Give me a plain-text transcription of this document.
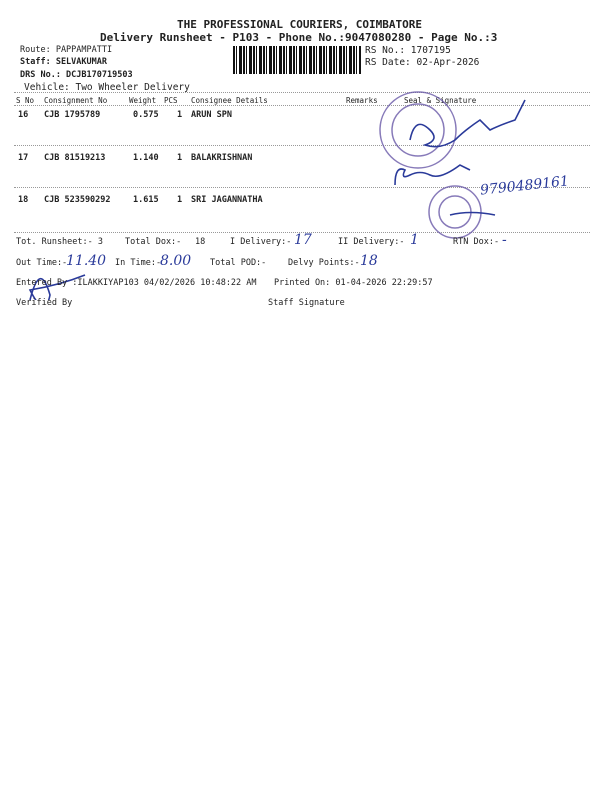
THE PROFESSIONAL COURIERS, COIMBATORE
Delivery Runsheet - P103 - Phone No.:9047080280 - Page No.:3
Route: PAPPAMPATTI
Staff: SELVAKUMAR
DRS No.: DCJB170719503
Vehicle: Two Wheeler Delivery
RS No.: 1707195
RS Date: 02-Apr-2026
S No Consignment No	Weight PCS Consignee Details	Remarks	Seal & Signature
16 CJB 1795789	0.575 1 ARUN SPN
17 CJB 81519213	1.140 1 BALAKRISHNAN
18 CJB 523590292	1.615 1 SRI JAGANNATHA
9790489161
Tot. Runsheet:- 3	Total Dox:- 18	I Delivery:- 17	II Delivery:- 1	RTN Dox:- -
Out Time:-
11.40 In Time:-
8.00 Total POD:-	Delvy Points:- 18
Entered By :ILAKKIYAP103 04/02/2026 10:48:22 AM Printed On: 01-04-2026 22:29:57
Verified By	Staff Signature
